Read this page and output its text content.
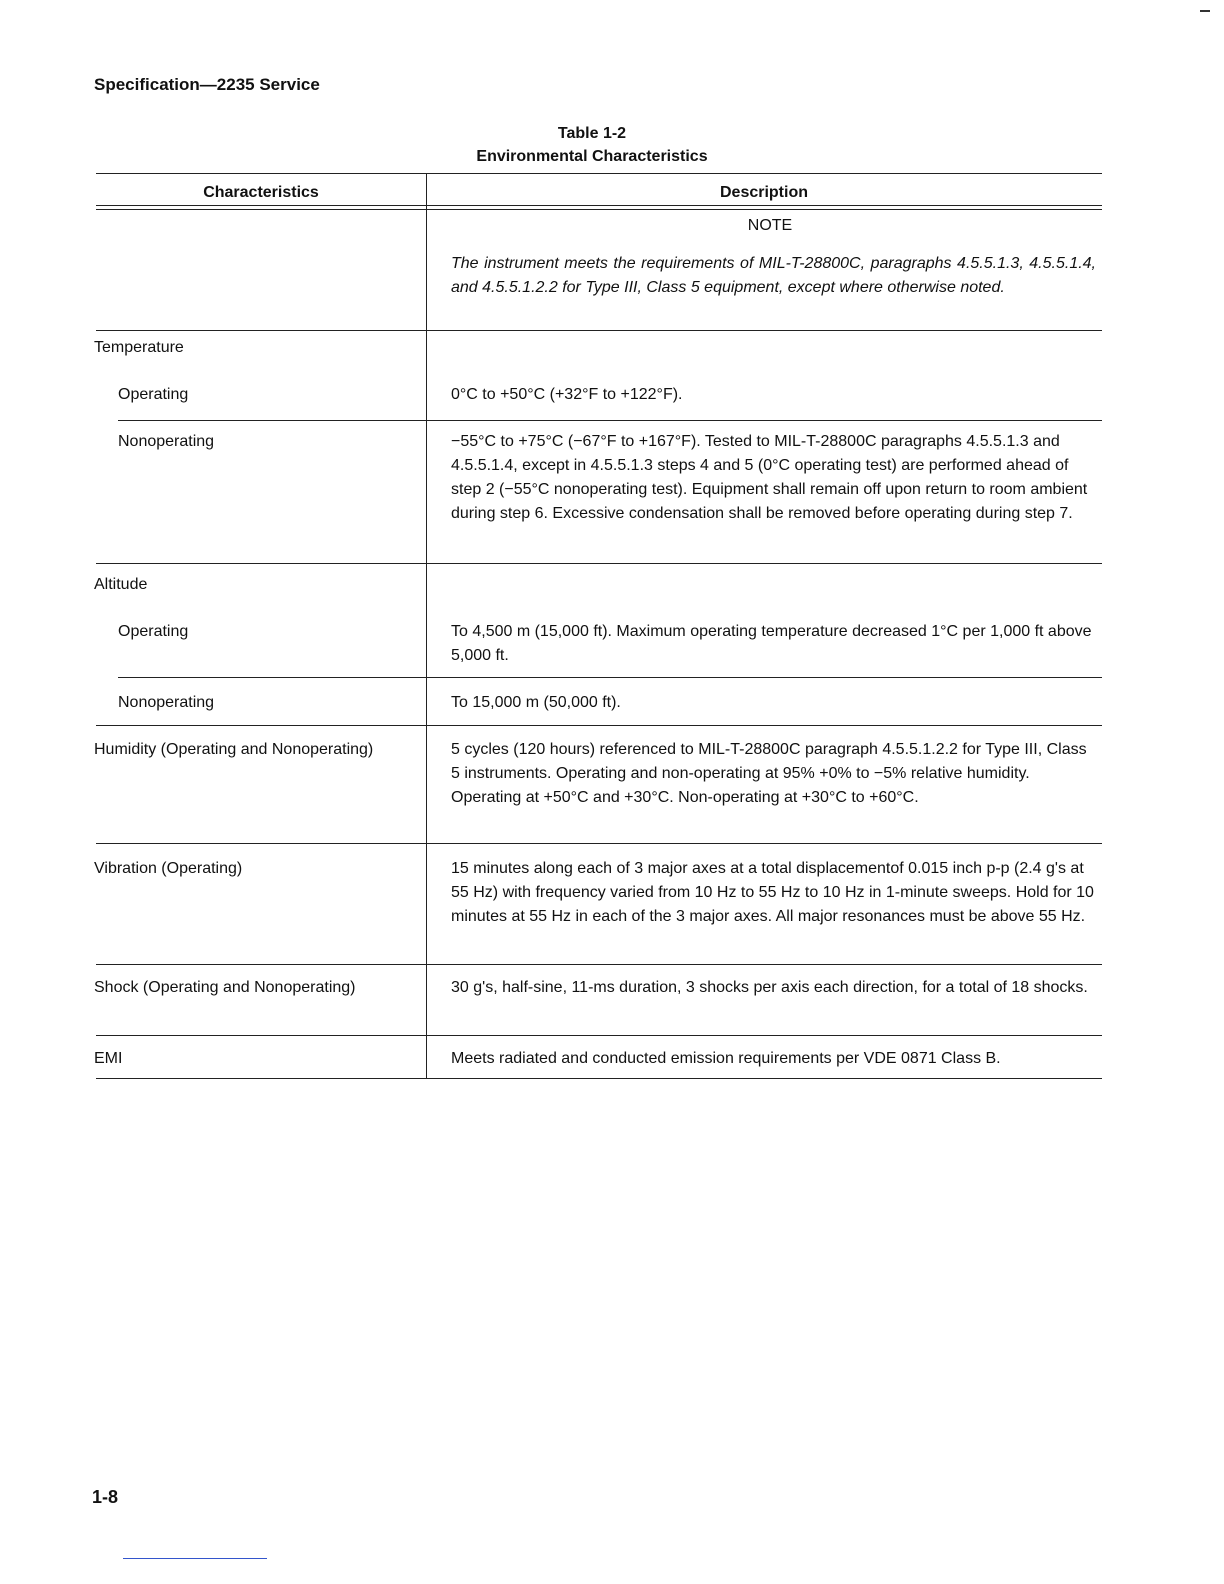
Specification—2235 Service
Table 1-2
Environmental Characteristics
Characteristics	Description
NOTE
The instrument meets the requirements of MIL-T-28800C, paragraphs 4.5.5.1.3, 4.5.5.1.4, and 4.5.5.1.2.2 for Type III, Class 5 equipment, except where otherwise noted.
Temperature
Operating	0°C to +50°C (+32°F to +122°F).
Nonoperating	−55°C to +75°C (−67°F to +167°F). Tested to MIL-T-28800C paragraphs 4.5.5.1.3 and 4.5.5.1.4, except in 4.5.5.1.3 steps 4 and 5 (0°C operating test) are performed ahead of step 2 (−55°C nonoperating test). Equipment shall remain off upon return to room ambient during step 6. Excessive condensation shall be removed before operating during step 7.
Altitude
Operating	To 4,500 m (15,000 ft). Maximum operating temperature decreased 1°C per 1,000 ft above 5,000 ft.
Nonoperating	To 15,000 m (50,000 ft).
Humidity (Operating and Nonoperating)	5 cycles (120 hours) referenced to MIL-T-28800C paragraph 4.5.5.1.2.2 for Type III, Class 5 instruments. Operating and non-operating at 95% +0% to −5% relative humidity. Operating at +50°C and +30°C. Non-operating at +30°C to +60°C.
Vibration (Operating)	15 minutes along each of 3 major axes at a total displacementof 0.015 inch p-p (2.4 g's at 55 Hz) with frequency varied from 10 Hz to 55 Hz to 10 Hz in 1-minute sweeps. Hold for 10 minutes at 55 Hz in each of the 3 major axes. All major resonances must be above 55 Hz.
Shock (Operating and Nonoperating)	30 g's, half-sine, 11-ms duration, 3 shocks per axis each direction, for a total of 18 shocks.
EMI	Meets radiated and conducted emission requirements per VDE 0871 Class B.
1-8
